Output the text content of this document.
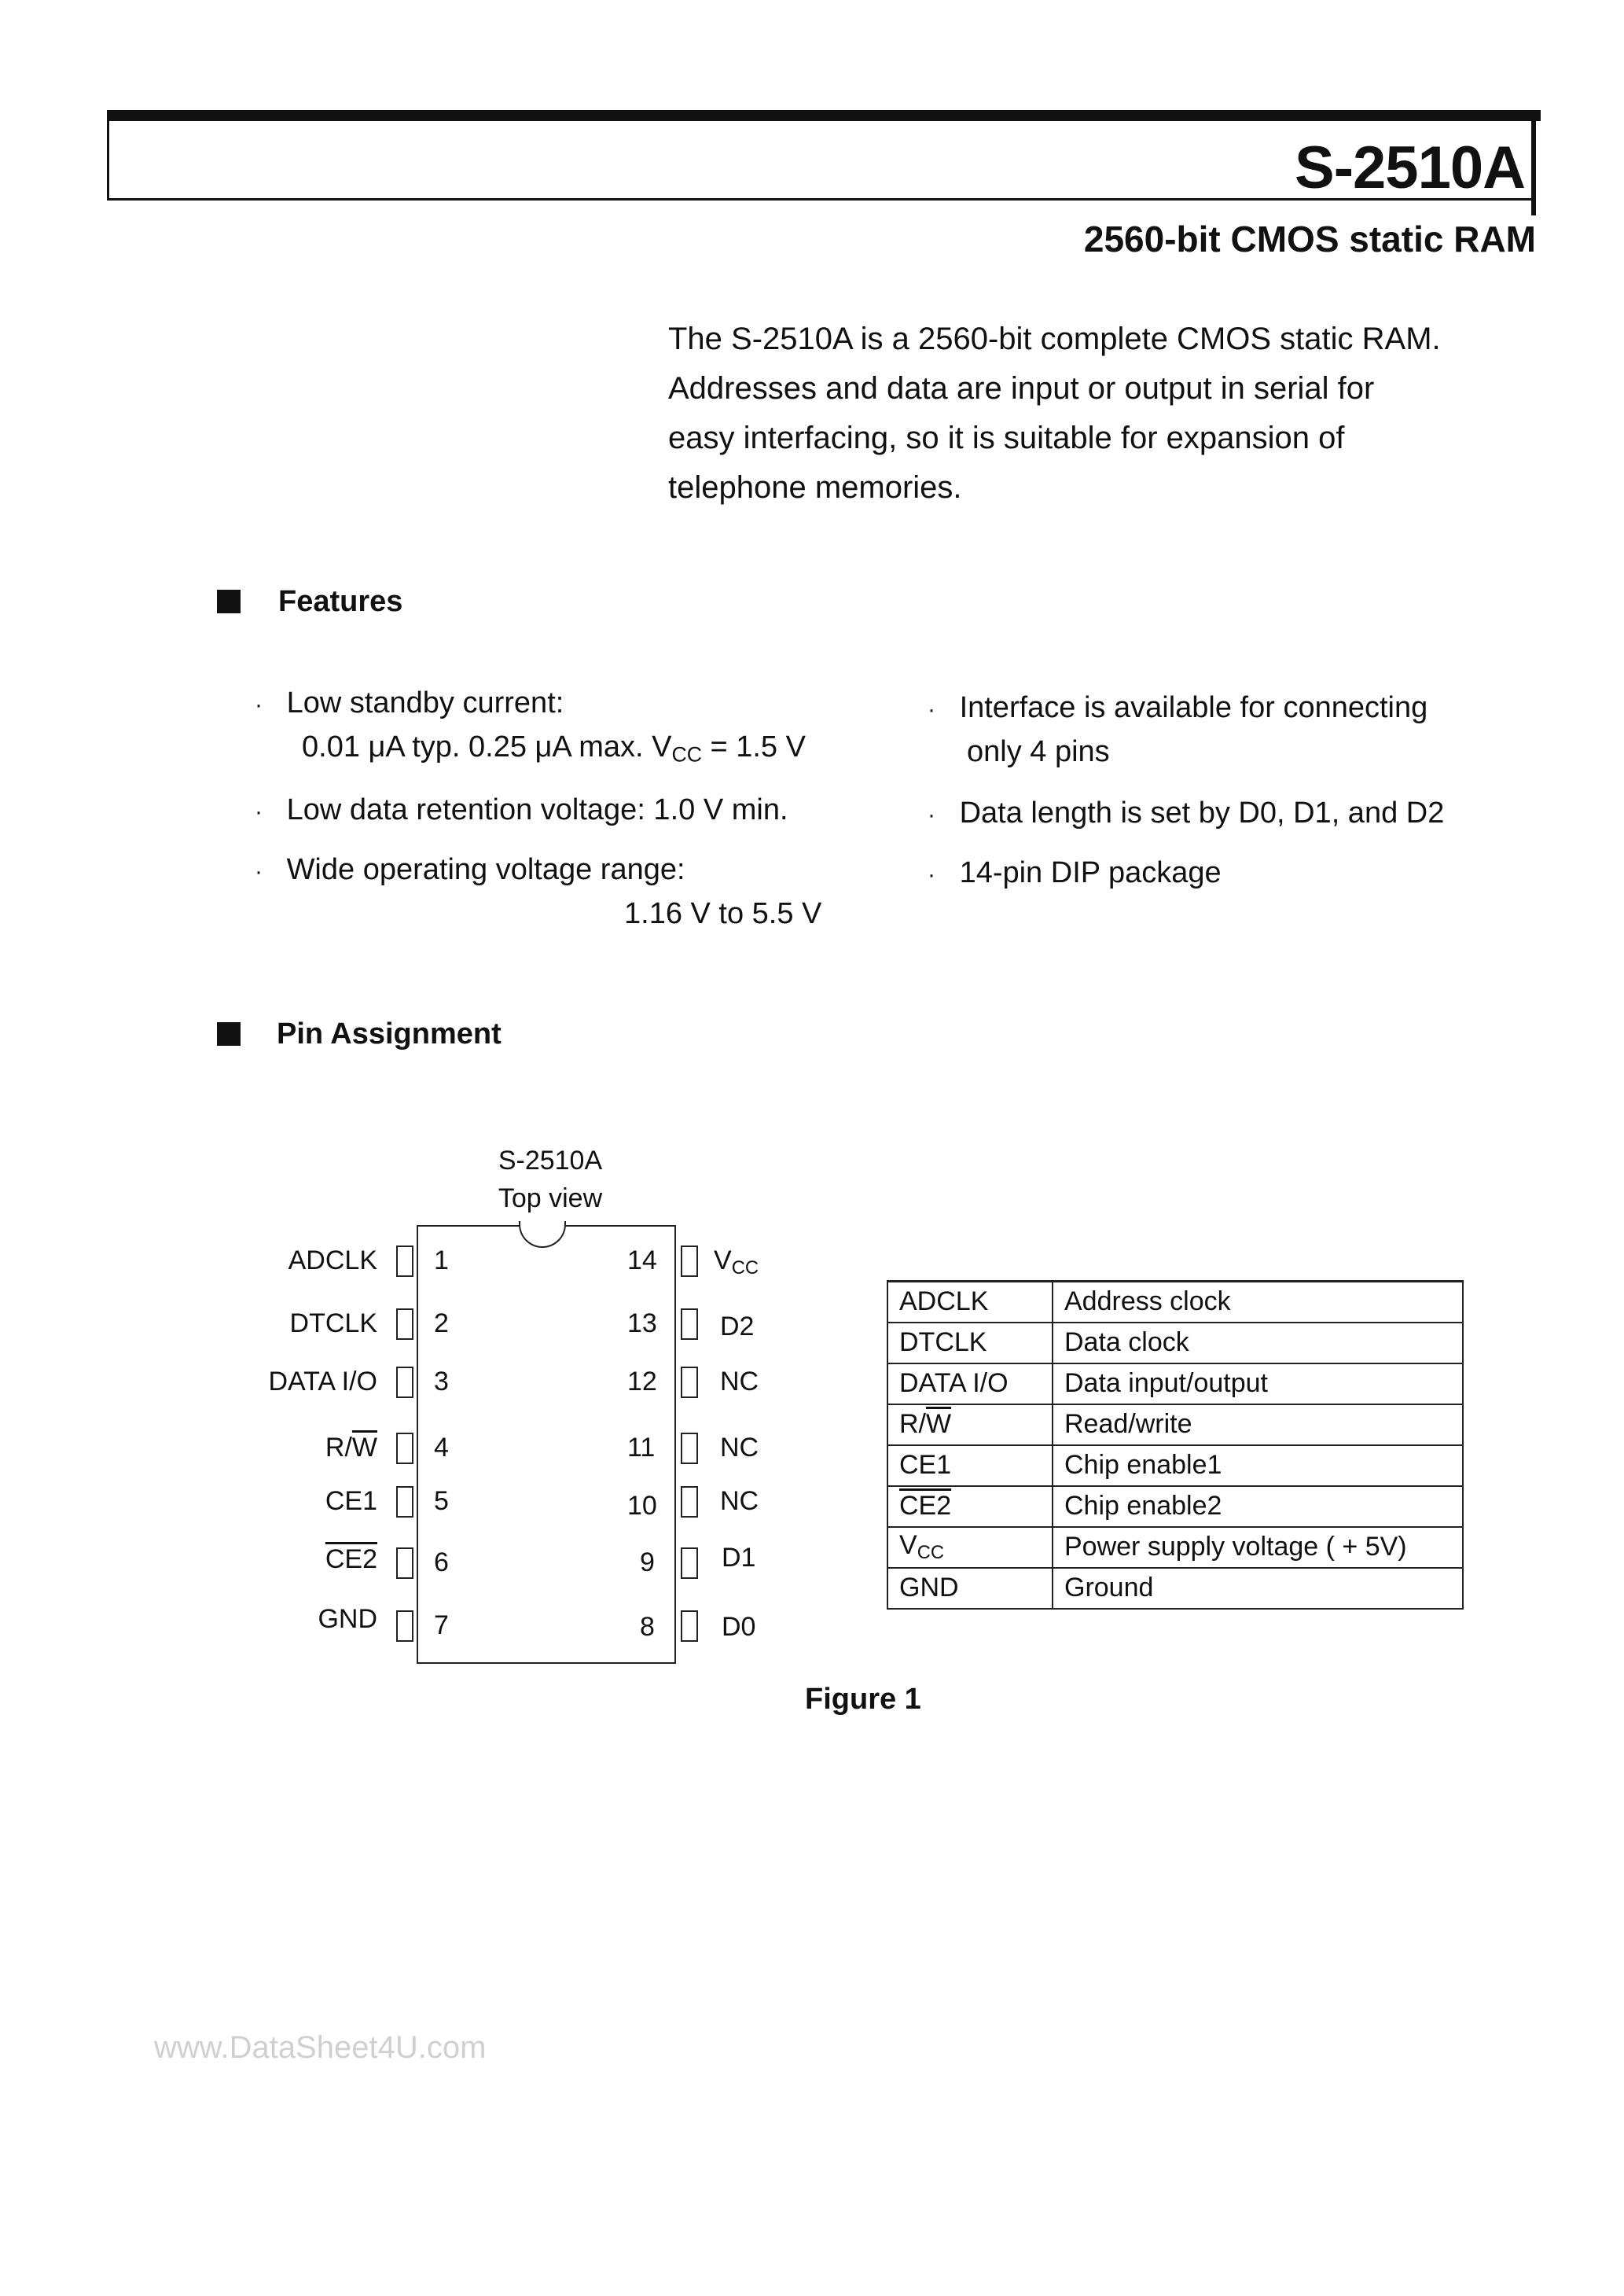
S-2510A
2560-bit CMOS static RAM
The S-2510A is a 2560-bit complete CMOS static RAM.
Addresses and data are input or output in serial for
easy interfacing, so it is suitable for expansion of
telephone memories.
Features
· Low standby current:
0.01 μA typ. 0.25 μA max. $V_{CC} = 1.5$ V
· Low data retention voltage: 1.0 V min.
· Wide operating voltage range:
1.16 V to 5.5 V
· Interface is available for connecting
only 4 pins
· Data length is set by D0, D1, and D2
· 14-pin DIP package
Pin Assignment
S-2510A
Top view
1
ADCLK
2
DTCLK
3
DATA I/O
4
$R/\overline{W}$
5
CE1
6
CE2
7
GND
14 $V_{CC}$
13 D2
12 NC
11 NC
10 NC
9	D1
8	D0
ADCLK	Address clock
DTCLK	Data clock
DATA I/O	Data input/output
$R/\overline{W}$	Read/write
CE1	Chip enable1
CE2	Chip enable2
$V_{CC}$	Power supply voltage ( + 5V)
GND	Ground
Figure 1
www.DataSheet4U.com
